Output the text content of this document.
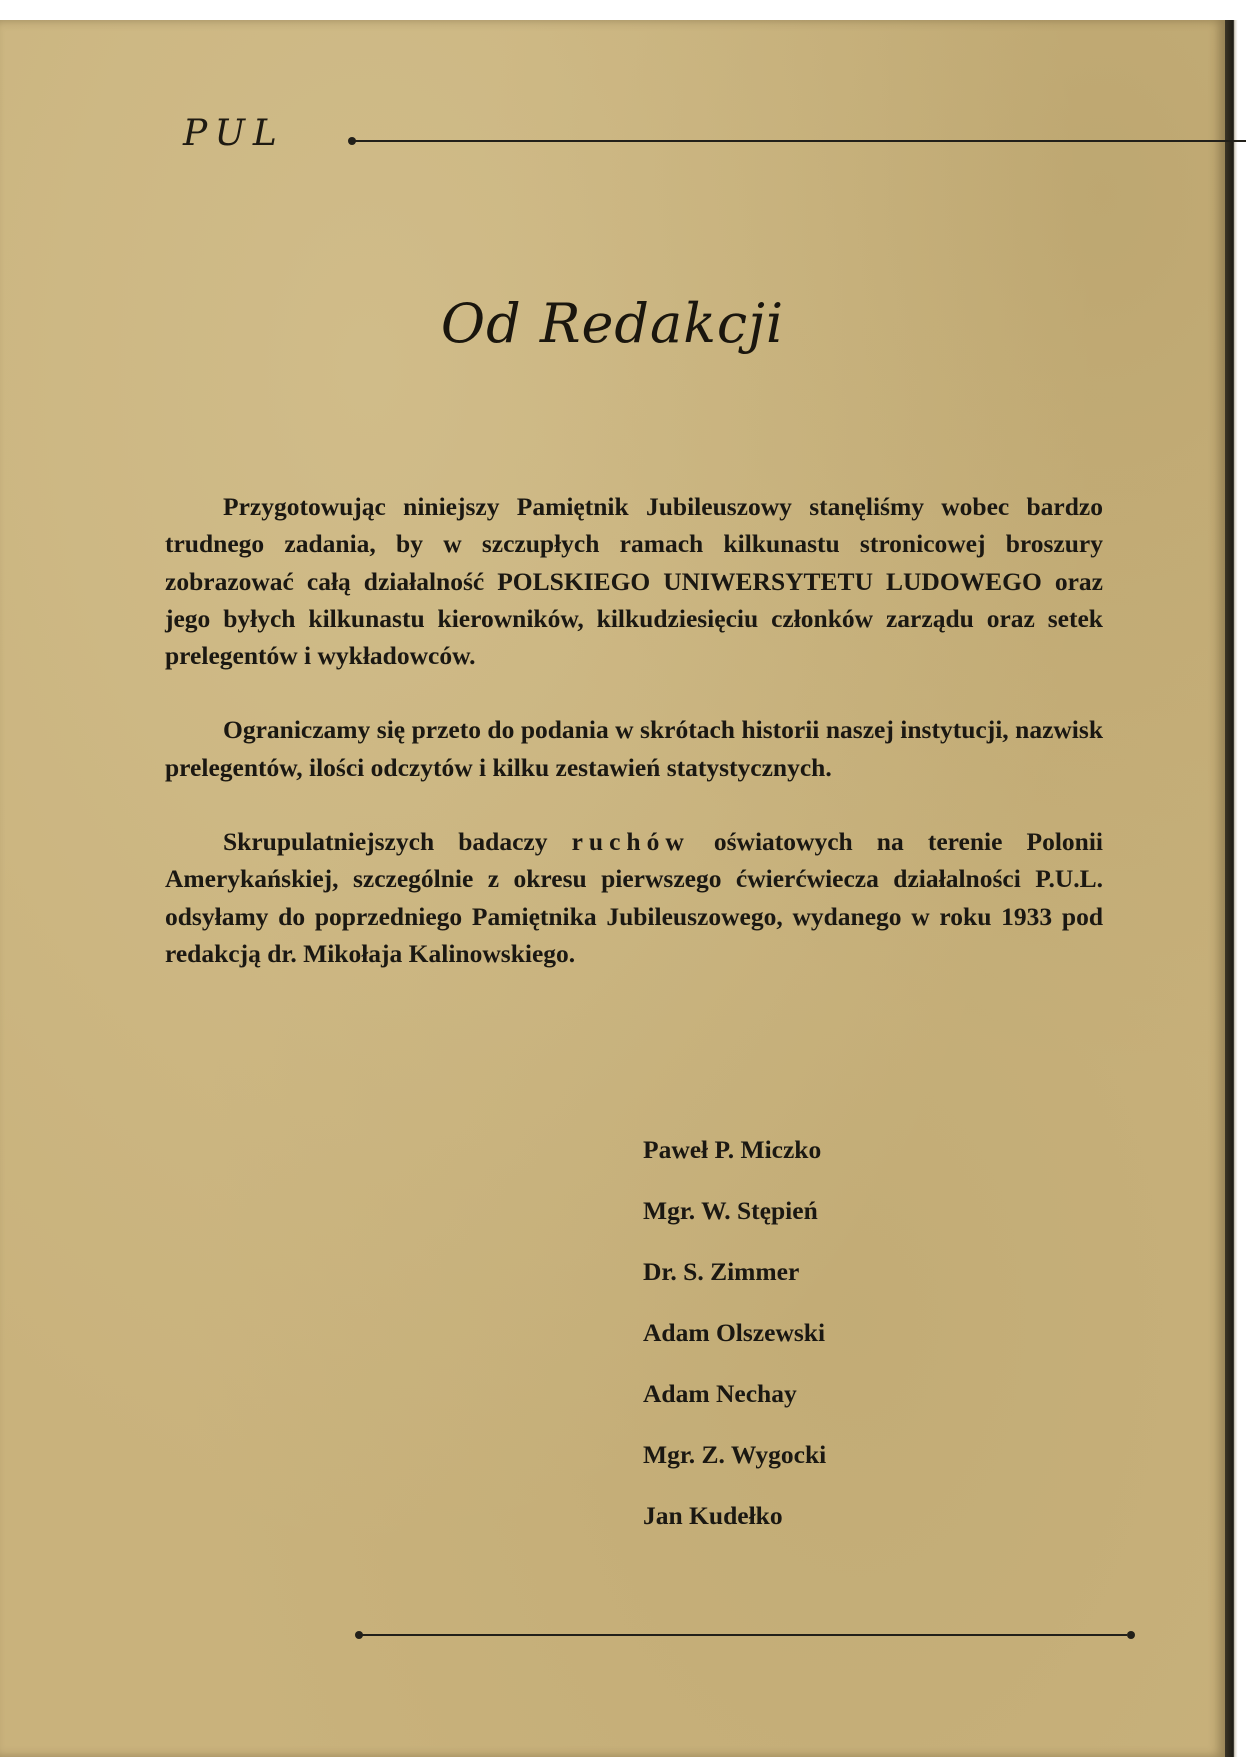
PUL
Od Redakcji

Przygotowując niniejszy Pamiętnik Jubileuszowy stanęliśmy wobec bardzo trudnego zadania, by w szczupłych ramach kilkunastu stronicowej broszury zobrazować całą działalność POLSKIEGO UNIWERSYTETU LUDOWEGO oraz jego byłych kilkunastu kierowników, kilkudziesięciu członków zarządu oraz setek prelegentów i wykładowców.

Ograniczamy się przeto do podania w skrótach historii naszej instytucji, nazwisk prelegentów, ilości odczytów i kilku zestawień statystycznych.

Skrupulatniejszych badaczy ruchów oświatowych na terenie Polonii Amerykańskiej, szczególnie z okresu pierwszego ćwierćwiecza działalności P.U.L. odsyłamy do poprzedniego Pamiętnika Jubileuszowego, wydanego w roku 1933 pod redakcją dr. Mikołaja Kalinowskiego.

Paweł P. Miczko
Mgr. W. Stępień
Dr. S. Zimmer
Adam Olszewski
Adam Nechay
Mgr. Z. Wygocki
Jan Kudełko
